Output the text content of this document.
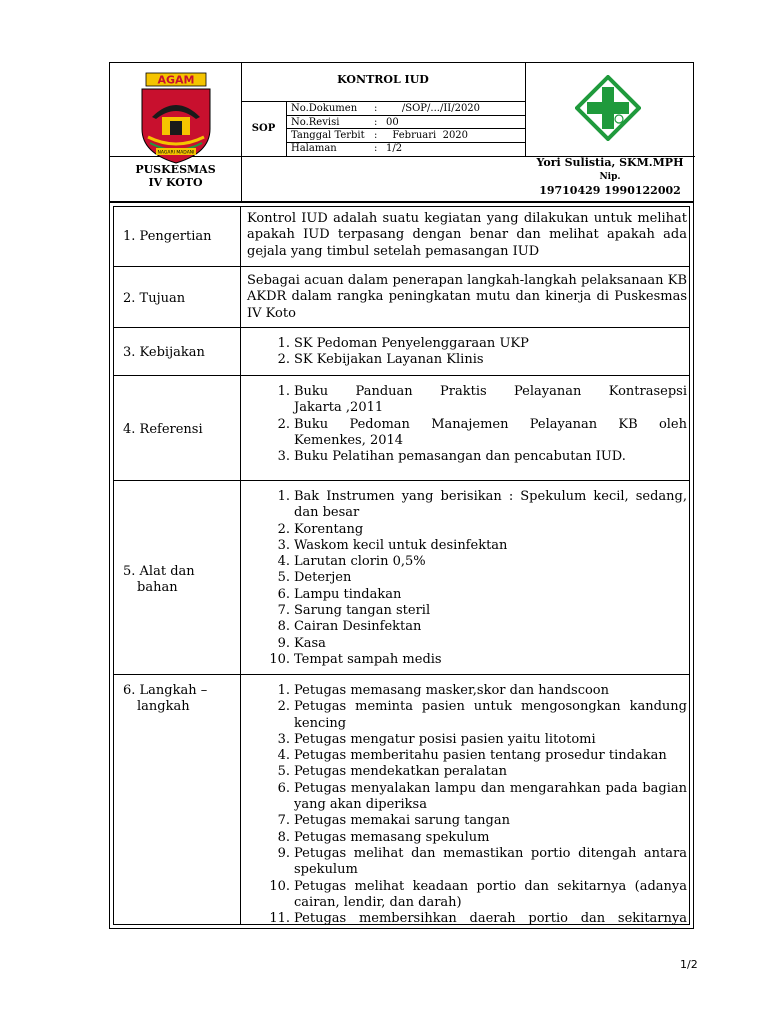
AGAM
NAGARI MADANI
KONTROL IUD
SOP
No.Dokumen : /SOP/.../II/2020
No.Revisi	: 00
Tanggal Terbit : Februari  2020
Halaman	: 1/2
PUSKESMAS
IV KOTO
Yori Sulistia, SKM.MPH
Nip.
19710429 1990122002
1. Pengertian
Kontrol IUD adalah suatu kegiatan yang dilakukan untuk melihat apakah IUD terpasang dengan benar dan melihat apakah ada gejala yang timbul setelah pemasangan IUD
2. Tujuan
Sebagai acuan dalam penerapan langkah-langkah pelaksanaan KB AKDR dalam rangka peningkatan mutu dan kinerja di Puskesmas IV Koto
3. Kebijakan
1. SK Pedoman Penyelenggaraan UKP
2. SK Kebijakan Layanan Klinis
4. Referensi
1. Buku Panduan Praktis Pelayanan Kontrasepsi
Jakarta ,2011
2. Buku Pedoman Manajemen Pelayanan KB oleh
Kemenkes, 2014
3. Buku Pelatihan pemasangan dan pencabutan IUD.
5. Alat dan
bahan
1. Bak Instrumen yang berisikan : Spekulum kecil, sedang, dan besar
2. Korentang
3. Waskom kecil untuk desinfektan
4. Larutan clorin 0,5%
5. Deterjen
6. Lampu tindakan
7. Sarung tangan steril
8. Cairan Desinfektan
9. Kasa
10. Tempat sampah medis
6. Langkah –
langkah
1. Petugas memasang masker,skor dan handscoon
2. Petugas meminta pasien untuk mengosongkan kandung kencing
3. Petugas mengatur posisi pasien yaitu litotomi
4. Petugas memberitahu pasien tentang prosedur tindakan
5. Petugas mendekatkan peralatan
6. Petugas menyalakan lampu dan mengarahkan pada bagian yang akan diperiksa
7. Petugas memakai sarung tangan
8. Petugas memasang spekulum
9. Petugas melihat dan memastikan portio ditengah antara spekulum
10. Petugas melihat keadaan portio dan sekitarnya (adanya cairan, lendir, dan darah)
11. Petugas membersihkan daerah portio dan sekitarnya
1/2
